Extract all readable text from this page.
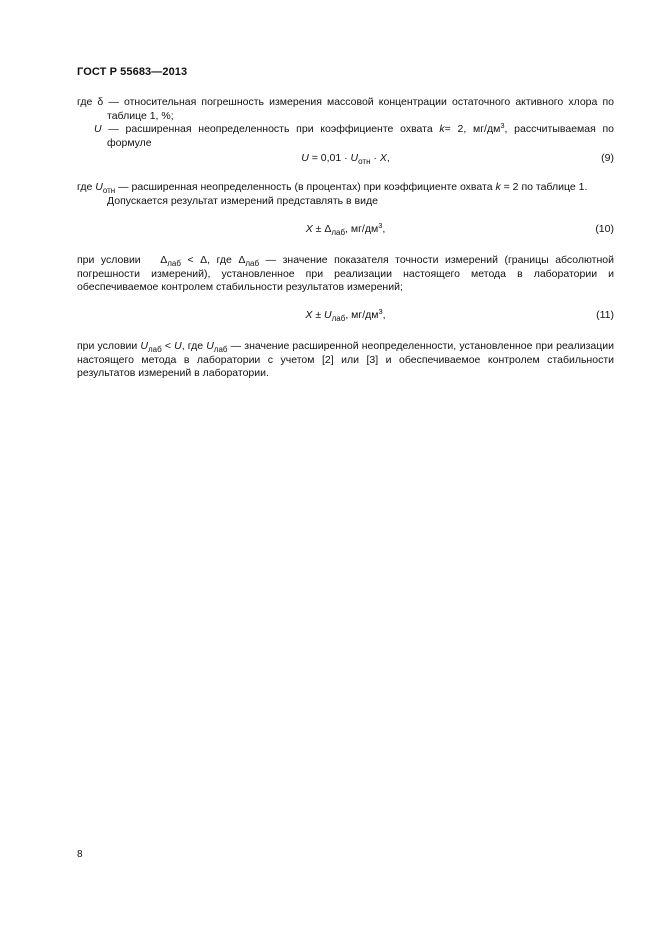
ГОСТ Р 55683—2013
где δ — относительная погрешность измерения массовой концентрации остаточного активного хлора по таблице 1, %;
U — расширенная неопределенность при коэффициенте охвата k= 2, $мг/дм^3$, рассчитываемая по формуле
$U = 0,01 \cdot U_{отн} \cdot X$,	(9)
где $U_{отн}$ — расширенная неопределенность (в процентах) при коэффициенте охвата k = 2 по таблице 1.
Допускается результат измерений представлять в виде
$X \pm \Delta_{лаб}$, $мг/дм^3$,	(10)
при условии   $\Delta_{лаб} < \Delta$, где $\Delta_{лаб}$ — значение показателя точности измерений (границы абсолютной погрешности измерений), установленное при реализации настоящего метода в лаборатории и обеспечиваемое контролем стабильности результатов измерений;
$X \pm U_{лаб}$, $мг/дм^3$,	(11)
при условии $U_{лаб} < U$, где $U_{лаб}$ — значение расширенной неопределенности, установленное при реализации настоящего метода в лаборатории с учетом [2] или [3] и обеспечиваемое контролем стабильности результатов измерений в лаборатории.
8
